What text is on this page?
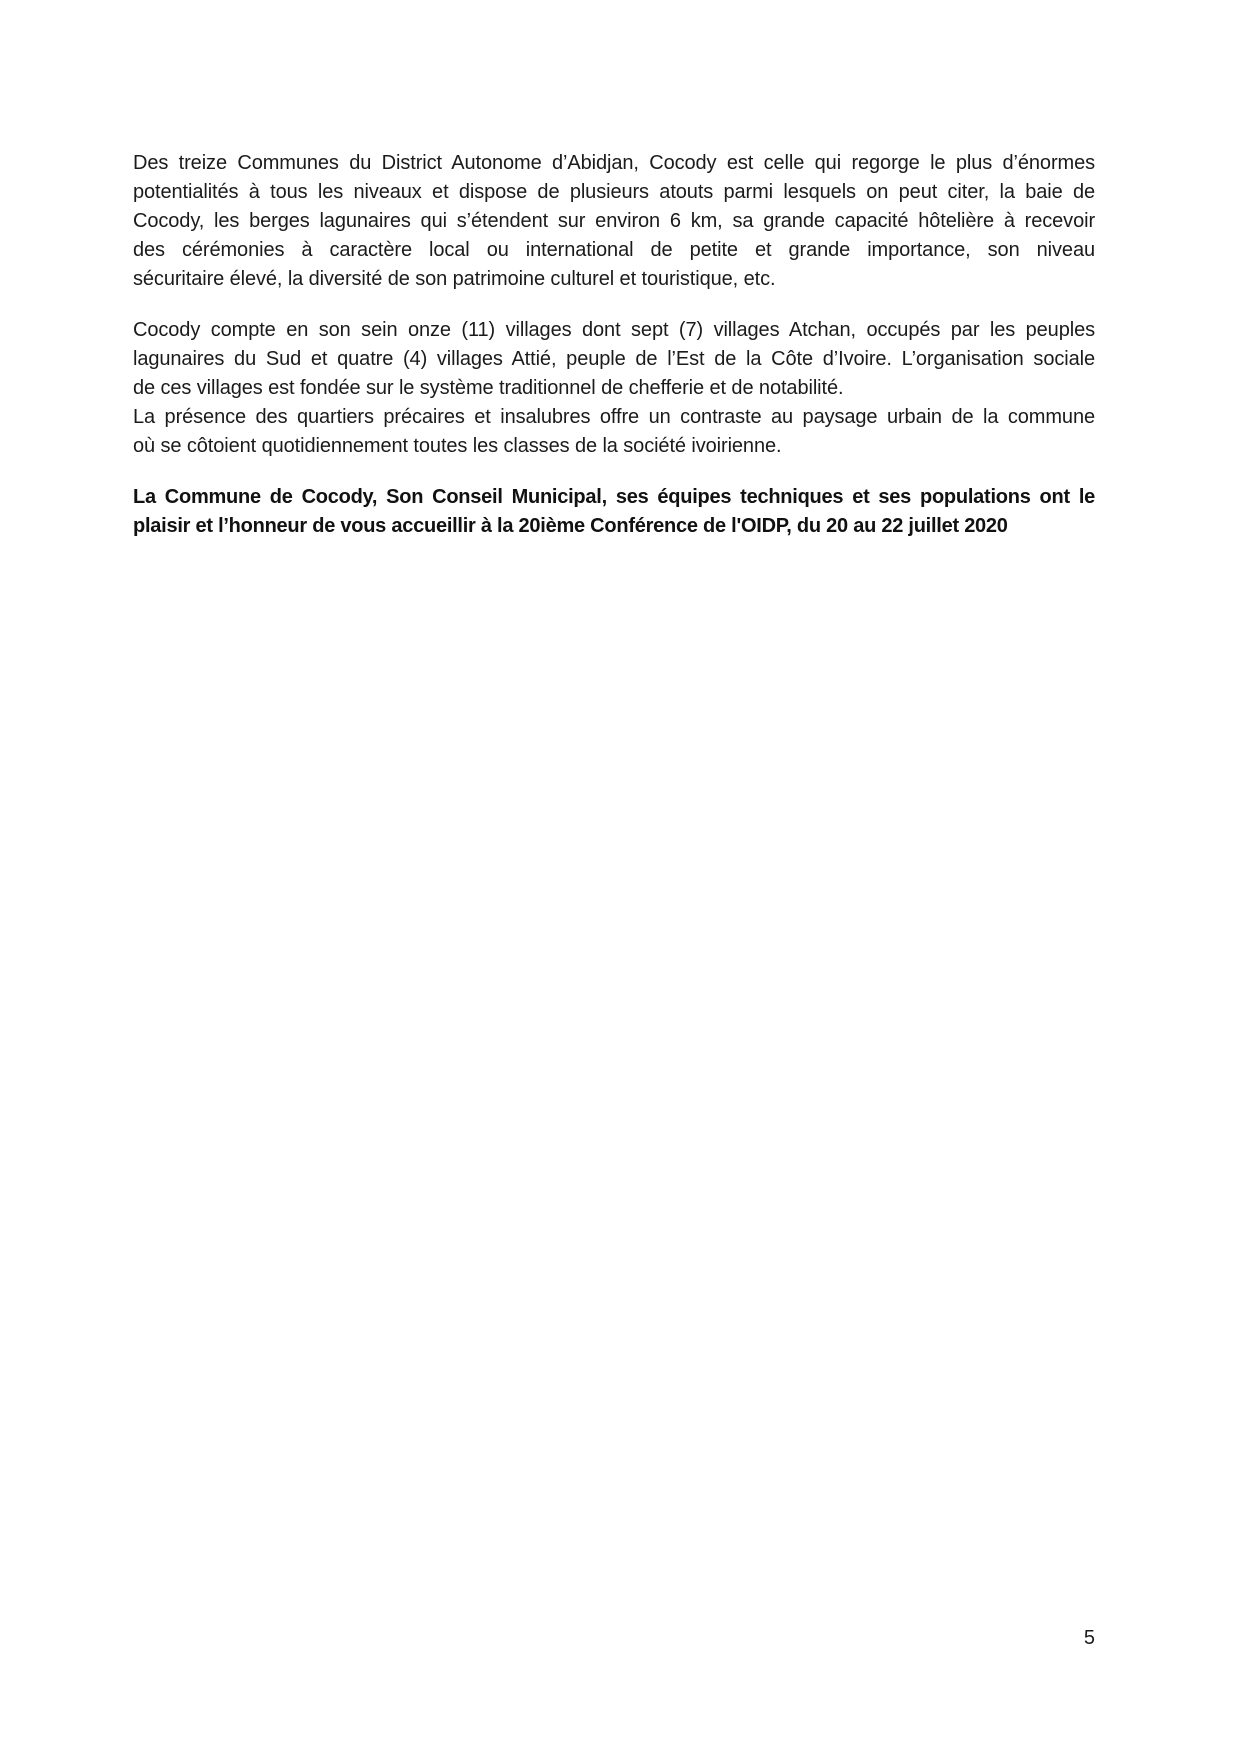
Des treize Communes du District Autonome d’Abidjan, Cocody est celle qui regorge le plus d’énormes
potentialités à tous les niveaux et dispose de plusieurs atouts parmi lesquels on peut citer, la baie de
Cocody, les berges lagunaires qui s’étendent sur environ 6 km, sa grande capacité hôtelière à recevoir
des cérémonies à caractère local ou international de petite et grande importance, son niveau
sécuritaire élevé, la diversité de son patrimoine culturel et touristique, etc.
Cocody compte en son sein onze (11) villages dont sept (7) villages Atchan, occupés par les peuples
lagunaires du Sud et quatre (4) villages Attié, peuple de l’Est de la Côte d’Ivoire. L’organisation sociale
de ces villages est fondée sur le système traditionnel de chefferie et de notabilité.
La présence des quartiers précaires et insalubres offre un contraste au paysage urbain de la commune
où se côtoient quotidiennement toutes les classes de la société ivoirienne.
La Commune de Cocody, Son Conseil Municipal, ses équipes techniques et ses populations ont le
plaisir et l’honneur de vous accueillir à la 20ième Conférence de l'OIDP, du 20 au 22 juillet 2020
5
